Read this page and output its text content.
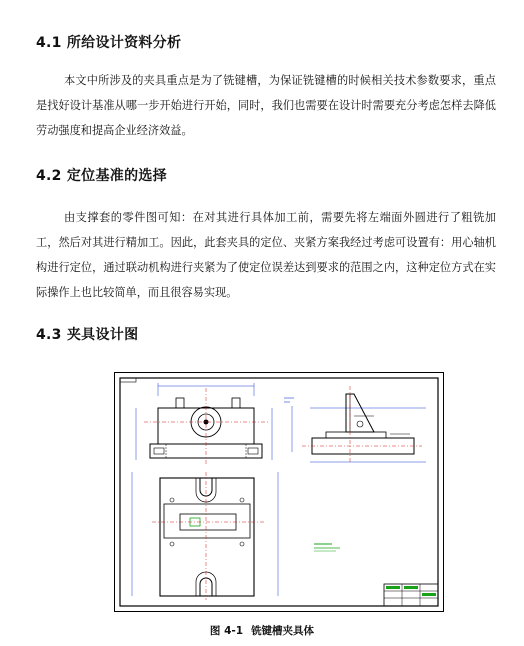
4.1 所给设计资料分析

本文中所涉及的夹具重点是为了铣键槽，为保证铣键槽的时候相关技术参数要求，重点是找好设计基准从哪一步开始进行开始，同时，我们也需要在设计时需要充分考虑怎样去降低劳动强度和提高企业经济效益。

4.2 定位基准的选择

由支撑套的零件图可知：在对其进行具体加工前，需要先将左端面外圆进行了粗铣加工，然后对其进行精加工。因此，此套夹具的定位、夹紧方案我经过考虑可设置有：用心轴机构进行定位，通过联动机构进行夹紧为了使定位误差达到要求的范围之内，这种定位方式在实际操作上也比较简单，而且很容易实现。

4.3 夹具设计图
图 4-1 铣键槽夹具体
